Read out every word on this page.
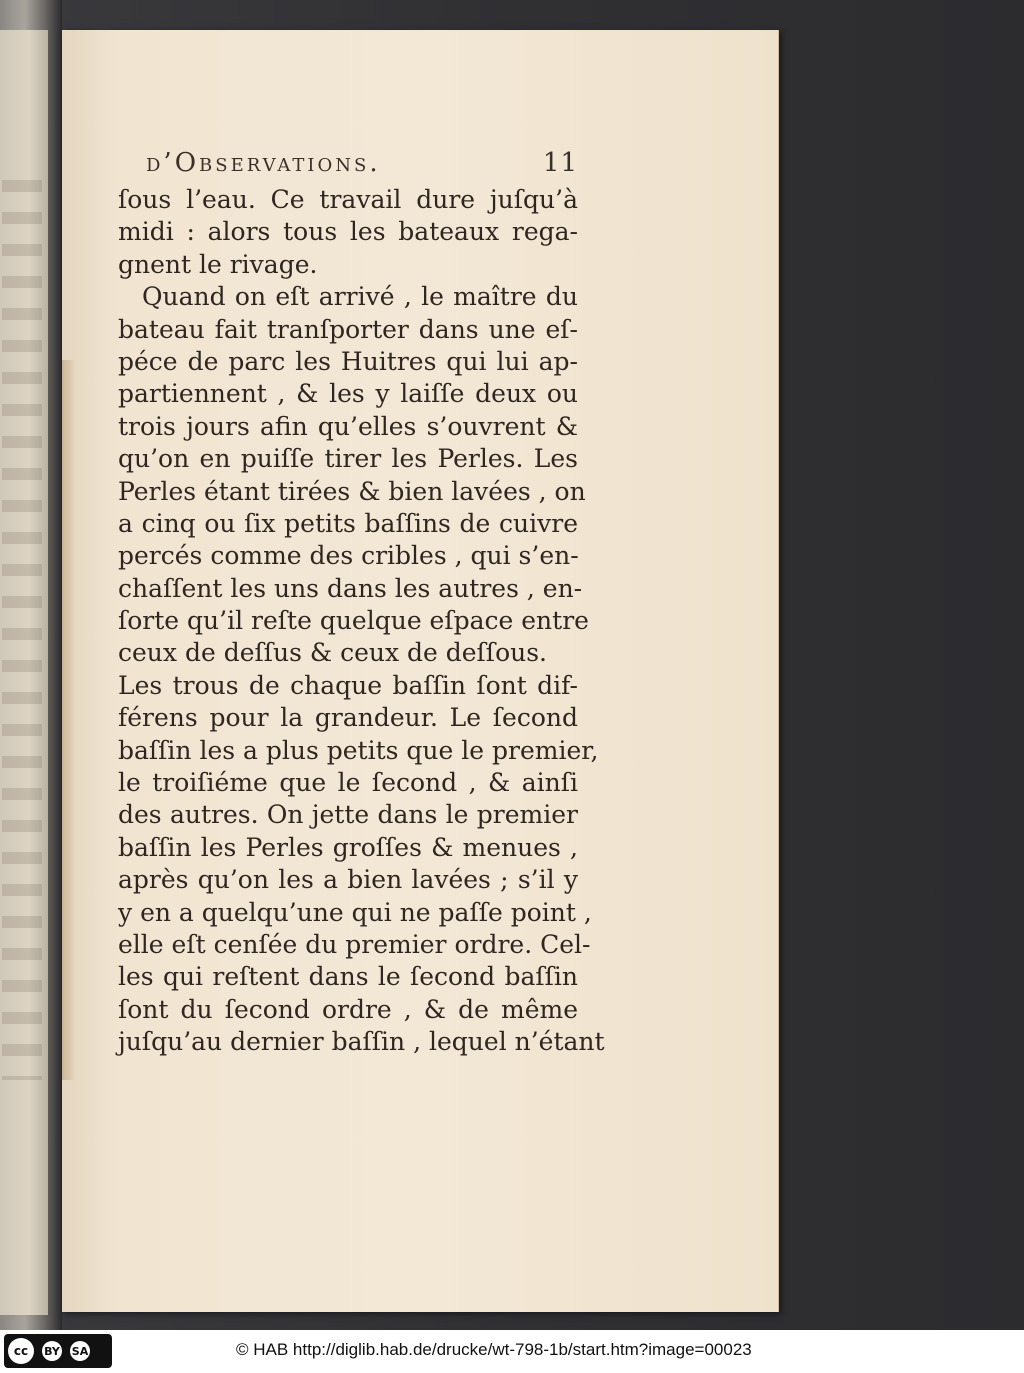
d’Observations.	11
ſous l’eau. Ce travail dure juſqu’à
midi : alors tous les bateaux rega-
gnent le rivage.
Quand on eſt arrivé , le maître du
bateau fait tranſporter dans une eſ-
péce de parc les Huitres qui lui ap-
partiennent , & les y laiſſe deux ou
trois jours afin qu’elles s’ouvrent &
qu’on en puiſſe tirer les Perles. Les
Perles étant tirées & bien lavées , on
a cinq ou ſix petits baſſins de cuivre
percés comme des cribles , qui s’en-
chaſſent les uns dans les autres , en-
ſorte qu’il reſte quelque eſpace entre
ceux de deſſus & ceux de deſſous.
Les trous de chaque baſſin ſont dif-
férens pour la grandeur. Le ſecond
baſſin les a plus petits que le premier,
le troiſiéme que le ſecond , & ainſi
des autres. On jette dans le premier
baſſin les Perles groſſes & menues ,
après qu’on les a bien lavées ; s’il y
y en a quelqu’une qui ne paſſe point ,
elle eſt cenſée du premier ordre. Cel-
les qui reſtent dans le ſecond baſſin
ſont du ſecond ordre , & de même
juſqu’au dernier baſſin , lequel n’étant
cc	BY SA	© HAB http://diglib.hab.de/drucke/wt-798-1b/start.htm?image=00023
